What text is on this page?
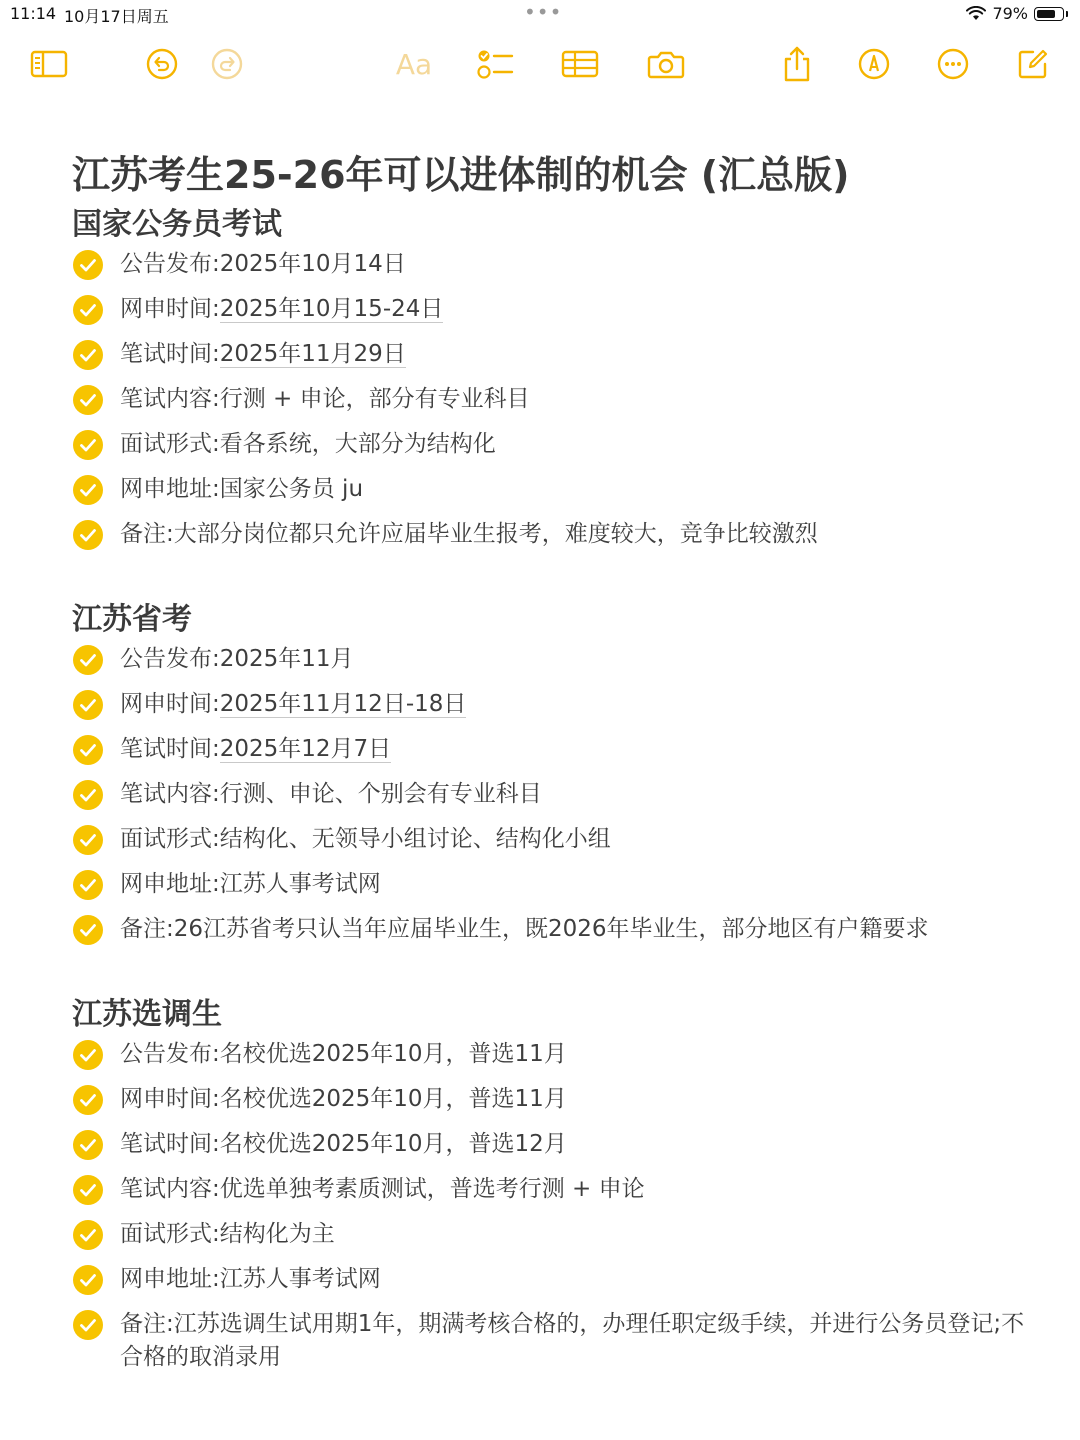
11:14 10月17日周五	•••	79%
Aa
江苏考生25-26年可以进体制的机会 (汇总版)
国家公务员考试
公告发布:2025年10月14日
网申时间:2025年10月15-24日
笔试时间:2025年11月29日
笔试内容:行测 + 申论，部分有专业科目
面试形式:看各系统，大部分为结构化
网申地址:国家公务员 ju
备注:大部分岗位都只允许应届毕业生报考，难度较大，竞争比较激烈
江苏省考
公告发布:2025年11月
网申时间:2025年11月12日-18日
笔试时间:2025年12月7日
笔试内容:行测、申论、个别会有专业科目
面试形式:结构化、无领导小组讨论、结构化小组
网申地址:江苏人事考试网
备注:26江苏省考只认当年应届毕业生，既2026年毕业生，部分地区有户籍要求
江苏选调生
公告发布:名校优选2025年10月，普选11月
网申时间:名校优选2025年10月，普选11月
笔试时间:名校优选2025年10月，普选12月
笔试内容:优选单独考素质测试，普选考行测 + 申论
面试形式:结构化为主
网申地址:江苏人事考试网
备注:江苏选调生试用期1年，期满考核合格的，办理任职定级手续，并进行公务员登记;不合格的取消录用
